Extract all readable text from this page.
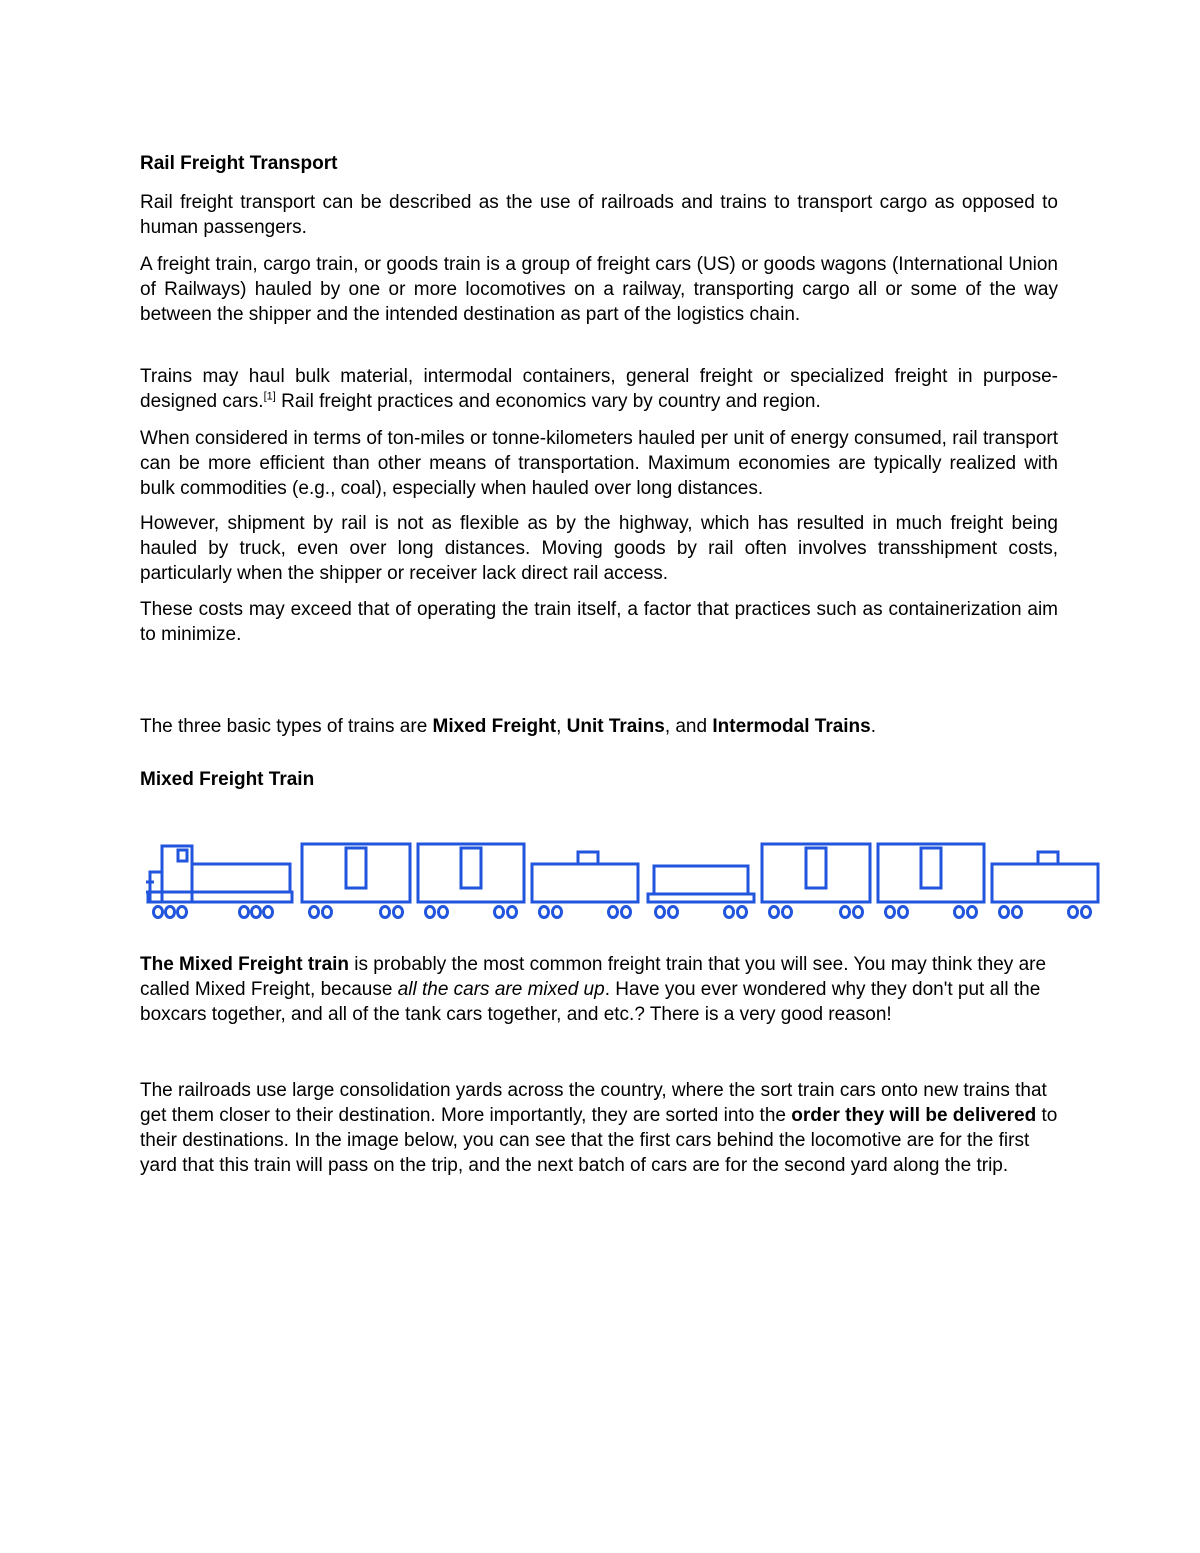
Rail Freight Transport
Rail freight transport can be described as the use of railroads and trains to transport cargo as opposed to human passengers.
A freight train, cargo train, or goods train is a group of freight cars (US) or goods wagons (International Union of Railways) hauled by one or more locomotives on a railway, transporting cargo all or some of the way between the shipper and the intended destination as part of the logistics chain.
Trains may haul bulk material, intermodal containers, general freight or specialized freight in purpose-designed cars.[1] Rail freight practices and economics vary by country and region.
When considered in terms of ton-miles or tonne-kilometers hauled per unit of energy consumed, rail transport can be more efficient than other means of transportation. Maximum economies are typically realized with bulk commodities (e.g., coal), especially when hauled over long distances.
However, shipment by rail is not as flexible as by the highway, which has resulted in much freight being hauled by truck, even over long distances. Moving goods by rail often involves transshipment costs, particularly when the shipper or receiver lack direct rail access.
These costs may exceed that of operating the train itself, a factor that practices such as containerization aim to minimize.
The three basic types of trains are Mixed Freight, Unit Trains, and Intermodal Trains.
Mixed Freight Train
The Mixed Freight train is probably the most common freight train that you will see. You may think they are called Mixed Freight, because all the cars are mixed up. Have you ever wondered why they don't put all the boxcars together, and all of the tank cars together, and etc.? There is a very good reason!
The railroads use large consolidation yards across the country, where the sort train cars onto new trains that get them closer to their destination. More importantly, they are sorted into the order they will be delivered to their destinations. In the image below, you can see that the first cars behind the locomotive are for the first yard that this train will pass on the trip, and the next batch of cars are for the second yard along the trip.
